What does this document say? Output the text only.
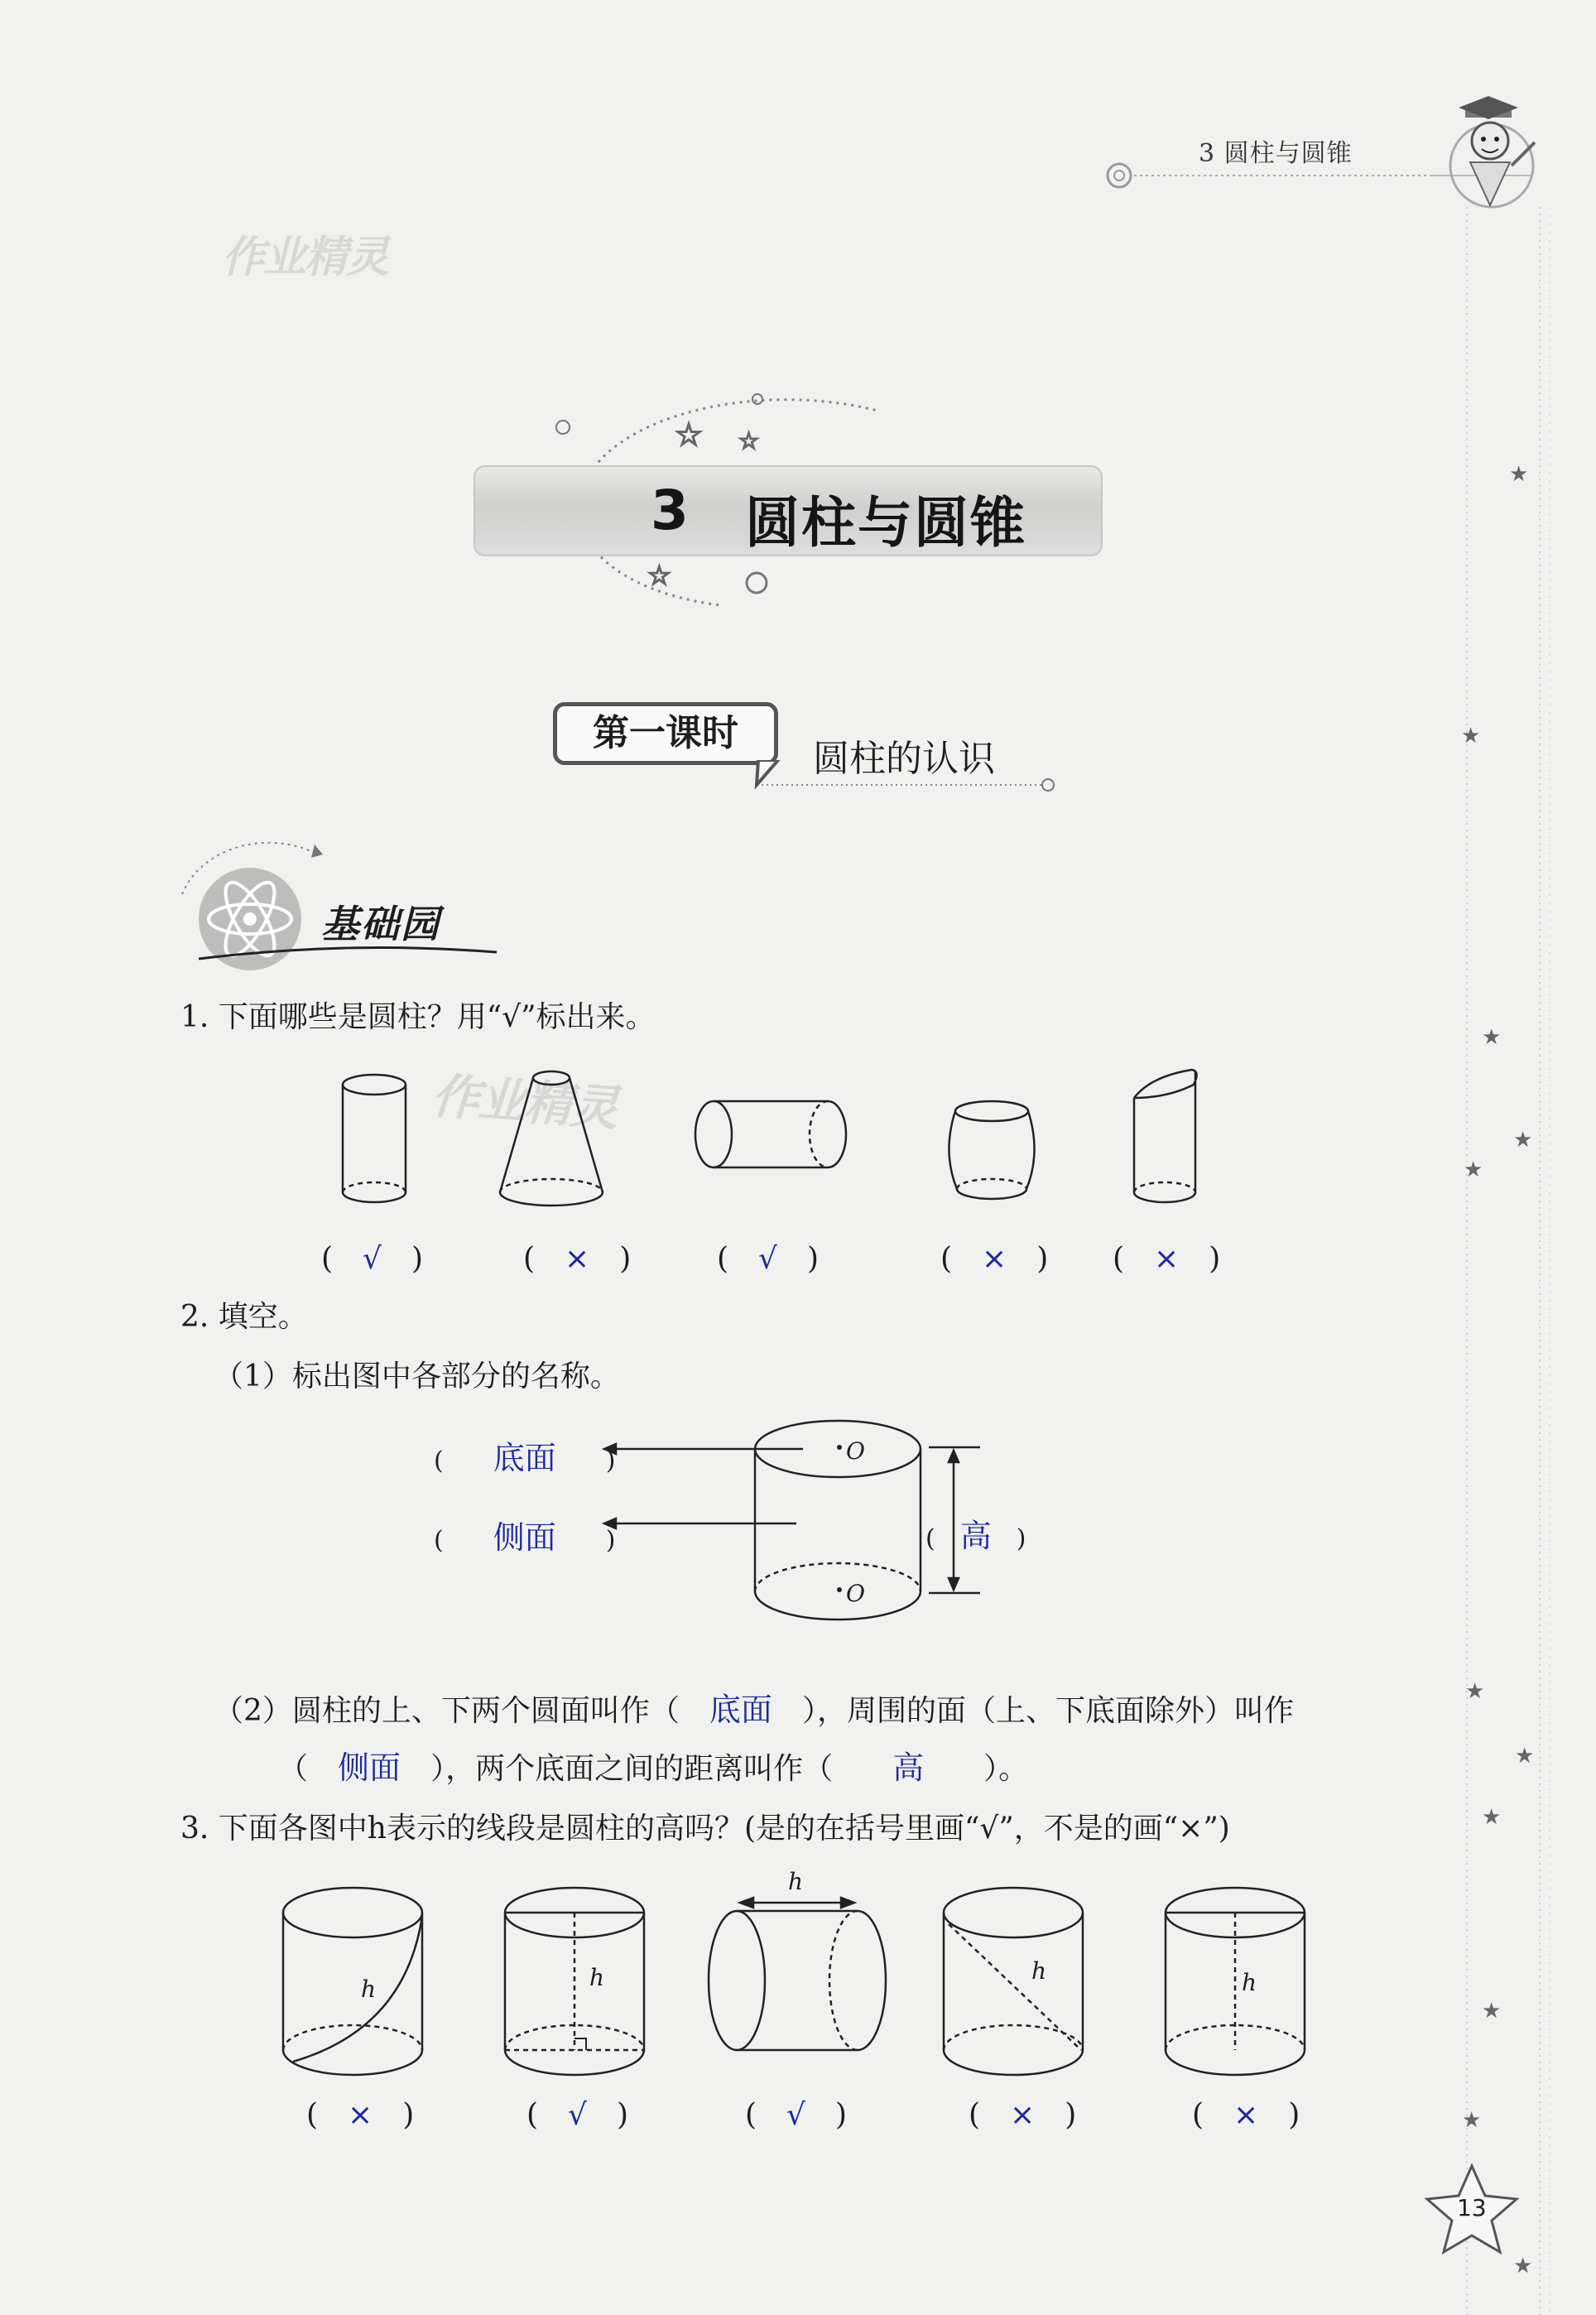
3 圆柱与圆锥
★
★
★
★
★
★
★
★
★
★
★
作业精灵
作业精灵
☆ ☆
☆
3 圆柱与圆锥
第一课时
圆柱的认识
基础园
1. 下面哪些是圆柱？用“√”标出来。
(　√　)	(　×　)	(　√　)	(　×　) (　×　)
2. 填空。
（1）标出图中各部分的名称。
O
O
(　　底面　　)
(　　侧面　　)	(　高　)
（2）圆柱的上、下两个圆面叫作（　 底面　 ），周围的面（上、下底面除外）叫作
（　 侧面　 ），两个底面之间的距离叫作（　　 高　　 ）。
3. 下面各图中h表示的线段是圆柱的高吗？(是的在括号里画“√”，不是的画“×”)
h	h
h
h	h
(　×　)	(　√　)	(　√　)	(　×　)	(　×　)
13
